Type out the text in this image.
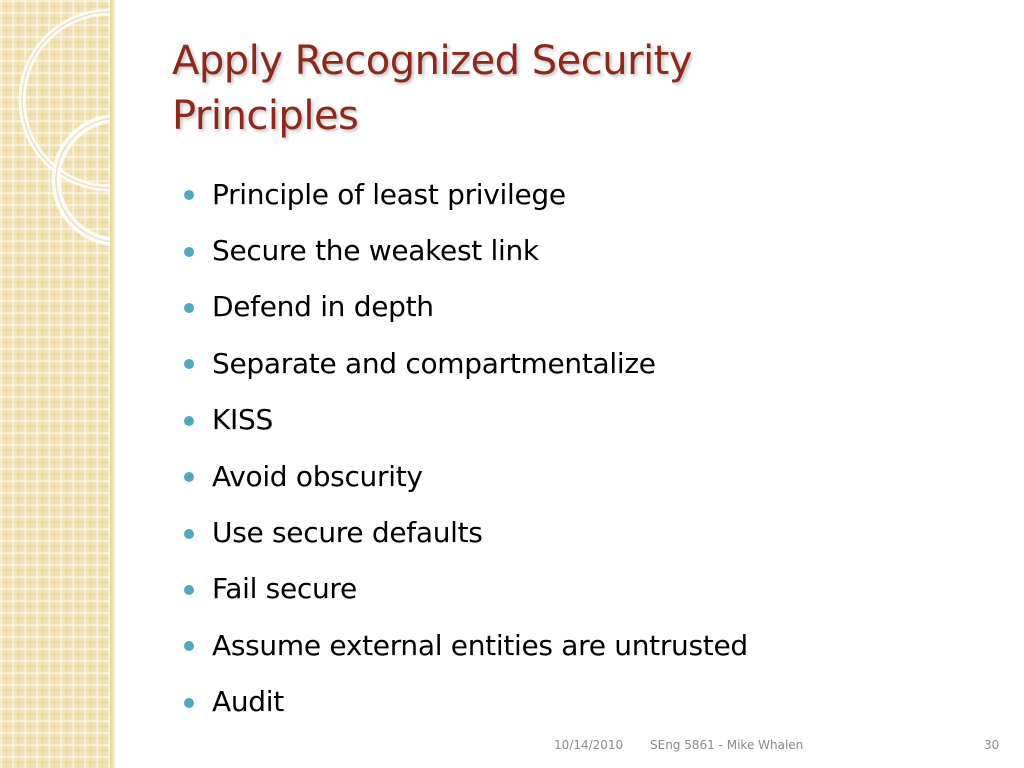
Apply Recognized Security
Principles
Principle of least privilege
Secure the weakest link
Defend in depth
Separate and compartmentalize
KISS
Avoid obscurity
Use secure defaults
Fail secure
Assume external entities are untrusted
Audit
10/14/2010 SEng 5861 - Mike Whalen	30
